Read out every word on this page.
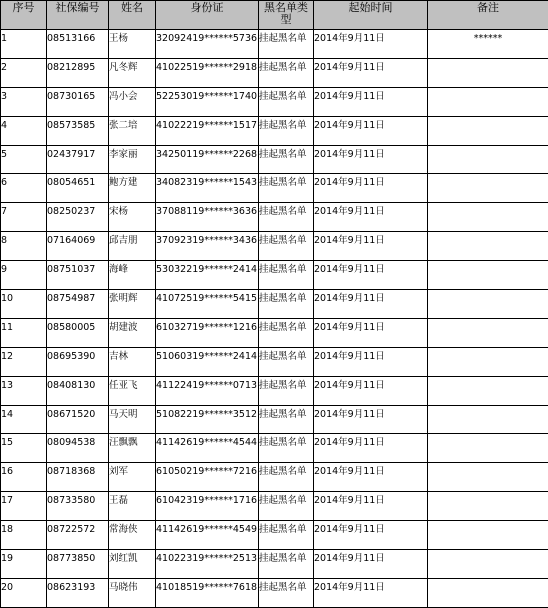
序号	社保编号	姓名	身份证	黑名单类型	起始时间	备注
1	08513166	王杨	32092419******5736	挂起黑名单	2014年9月11日	******
2	08212895	凡冬辉	41022519******2918	挂起黑名单	2014年9月11日	
3	08730165	冯小会	52253019******1740	挂起黑名单	2014年9月11日	
4	08573585	张二培	41022219******1517	挂起黑名单	2014年9月11日	
5	02437917	李家丽	34250119******2268	挂起黑名单	2014年9月11日	
6	08054651	鲍方建	34082319******1543	挂起黑名单	2014年9月11日	
7	08250237	宋杨	37088119******3636	挂起黑名单	2014年9月11日	
8	07164069	邱吉朋	37092319******3436	挂起黑名单	2014年9月11日	
9	08751037	海峰	53032219******2414	挂起黑名单	2014年9月11日	
10	08754987	张明辉	41072519******5415	挂起黑名单	2014年9月11日	
11	08580005	胡建波	61032719******1216	挂起黑名单	2014年9月11日	
12	08695390	吉林	51060319******2414	挂起黑名单	2014年9月11日	
13	08408130	任亚飞	41122419******0713	挂起黑名单	2014年9月11日	
14	08671520	马天明	51082219******3512	挂起黑名单	2014年9月11日	
15	08094538	汪飘飘	41142619******4544	挂起黑名单	2014年9月11日	
16	08718368	刘军	61050219******7216	挂起黑名单	2014年9月11日	
17	08733580	王磊	61042319******1716	挂起黑名单	2014年9月11日	
18	08722572	常海侠	41142619******4549	挂起黑名单	2014年9月11日	
19	08773850	刘红凯	41022319******2513	挂起黑名单	2014年9月11日	
20	08623193	马晓伟	41018519******7618	挂起黑名单	2014年9月11日	
